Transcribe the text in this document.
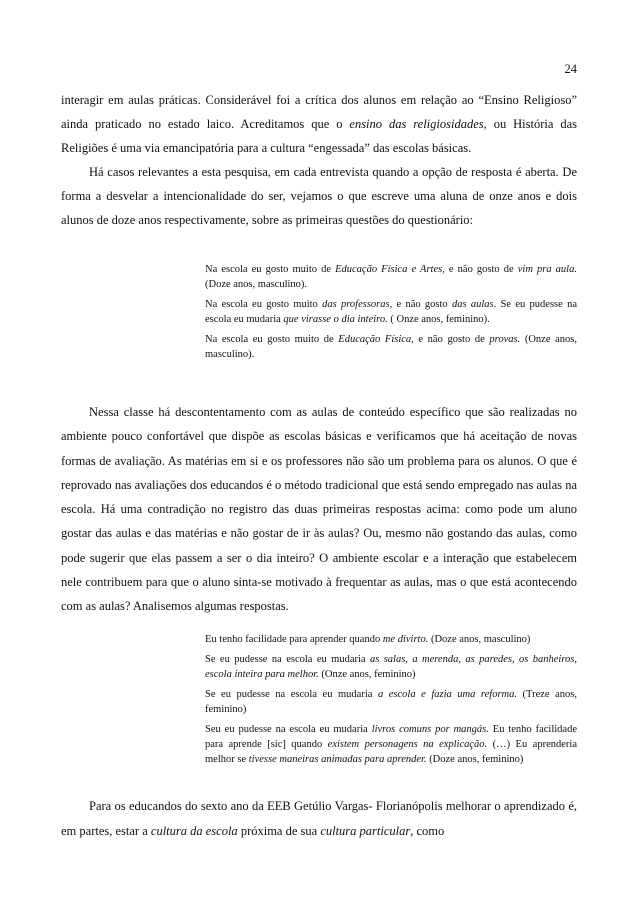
24

interagir em aulas práticas. Considerável foi a crítica dos alunos em relação ao “Ensino Religioso” ainda praticado no estado laico. Acreditamos que o ensino das religiosidades, ou História das Religiões é uma via emancipatória para a cultura “engessada” das escolas básicas.

Há casos relevantes a esta pesquisa, em cada entrevista quando a opção de resposta é aberta. De forma a desvelar a intencionalidade do ser, vejamos o que escreve uma aluna de onze anos e dois alunos de doze anos respectivamente, sobre as primeiras questões do questionário:

Na escola eu gosto muito de Educação Física e Artes, e não gosto de vim pra aula. (Doze anos, masculino).

Na escola eu gosto muito das professoras, e não gosto das aulas. Se eu pudesse na escola eu mudaria que virasse o dia inteiro. ( Onze anos, feminino).

Na escola eu gosto muito de Educação Física, e não gosto de provas. (Onze anos, masculino).

Nessa classe há descontentamento com as aulas de conteúdo específico que são realizadas no ambiente pouco confortável que dispõe as escolas básicas e verificamos que há aceitação de novas formas de avaliação. As matérias em si e os professores não são um problema para os alunos. O que é reprovado nas avaliações dos educandos é o método tradicional que está sendo empregado nas aulas na escola. Há uma contradição no registro das duas primeiras respostas acima: como pode um aluno gostar das aulas e das matérias e não gostar de ir às aulas? Ou, mesmo não gostando das aulas, como pode sugerir que elas passem a ser o dia inteiro? O ambiente escolar e a interação que estabelecem nele contribuem para que o aluno sinta-se motivado à frequentar as aulas, mas o que está acontecendo com as aulas? Analisemos algumas respostas.

Eu tenho facilidade para aprender quando me divirto. (Doze anos, masculino)

Se eu pudesse na escola eu mudaria as salas, a merenda, as paredes, os banheiros, escola inteira para melhor. (Onze anos, feminino)

Se eu pudesse na escola eu mudaria a escola e fazia uma reforma. (Treze anos, feminino)

Seu eu pudesse na escola eu mudaria livros comuns por mangás. Eu tenho facilidade para aprende [sic] quando existem personagens na explicação. (…) Eu aprenderia melhor se tivesse maneiras animadas para aprender. (Doze anos, feminino)

Para os educandos do sexto ano da EEB Getúlio Vargas- Florianópolis melhorar o aprendizado é, em partes, estar a cultura da escola próxima de sua cultura particular, como
